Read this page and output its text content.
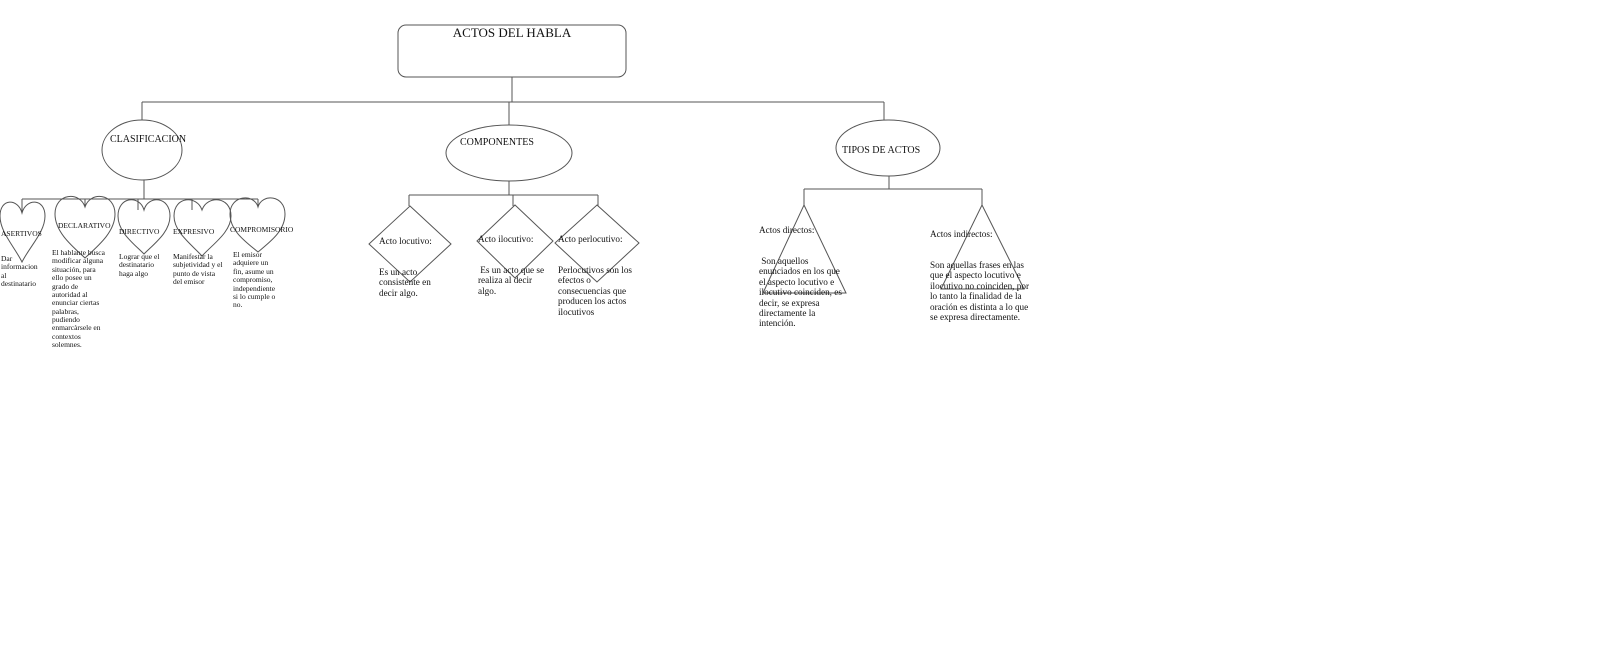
ACTOS DEL HABLA
CLASIFICACION	COMPONENTES
TIPOS DE ACTOS

ASERTIVOS

Dar
informacion
al
destinatario

DECLARATIVO

El hablante busca
modificar alguna
situación, para
ello posee un
grado de
autoridad al
enunciar ciertas
palabras,
pudiendo
enmarcàrsele en
contextos
solemnes.

DIRECTIVO

Lograr que el
destinatario
haga algo

EXPRESIVO

Manifestar la
subjetividad y el
punto de vista
del emisor

COMPROMISORIO

El emisor
adquiere un
fin, asume un
compromiso,
independiente
si lo cumple o
no.

Acto locutivo:

Es un acto
consistente en
decir algo.

Acto ilocutivo:

Es un acto que se
realiza al decir
algo.

Acto perlocutivo:

Perlocutivos son los
efectos o
consecuencias que
producen los actos
ilocutivos

Actos directos:

Son aquellos
enunciados en los que
el aspecto locutivo e
ilocutivo coinciden, es
decir, se expresa
directamente la
intención.

Actos indirectos:

Son aquellas frases en las
que el aspecto locutivo e
ilocutivo no coinciden, por
lo tanto la finalidad de la
oración es distinta a lo que
se expresa directamente.
